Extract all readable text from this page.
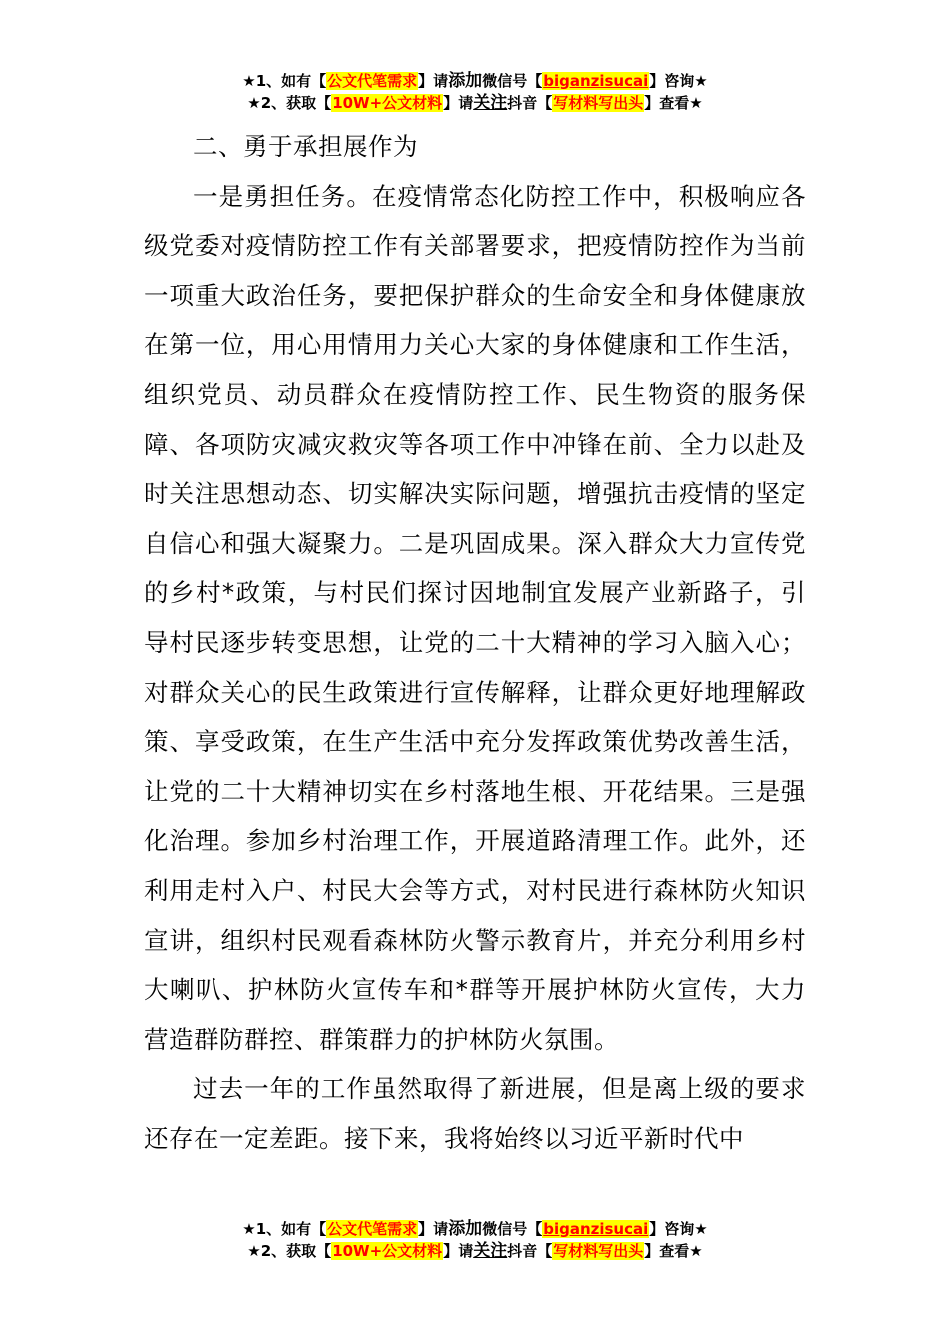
★1、如有【公文代笔需求】请添加微信号【biganzisucai】咨询★
★2、获取【10W+公文材料】请关注抖音【写材料写出头】查看★

二、勇于承担展作为

一是勇担任务。在疫情常态化防控工作中，积极响应各级党委对疫情防控工作有关部署要求，把疫情防控作为当前一项重大政治任务，要把保护群众的生命安全和身体健康放在第一位，用心用情用力关心大家的身体健康和工作生活，组织党员、动员群众在疫情防控工作、民生物资的服务保障、各项防灾减灾救灾等各项工作中冲锋在前、全力以赴及时关注思想动态、切实解决实际问题，增强抗击疫情的坚定自信心和强大凝聚力。二是巩固成果。深入群众大力宣传党的乡村*政策，与村民们探讨因地制宜发展产业新路子，引导村民逐步转变思想，让党的二十大精神的学习入脑入心；对群众关心的民生政策进行宣传解释，让群众更好地理解政策、享受政策，在生产生活中充分发挥政策优势改善生活，让党的二十大精神切实在乡村落地生根、开花结果。三是强化治理。参加乡村治理工作，开展道路清理工作。此外，还利用走村入户、村民大会等方式，对村民进行森林防火知识宣讲，组织村民观看森林防火警示教育片，并充分利用乡村大喇叭、护林防火宣传车和*群等开展护林防火宣传，大力营造群防群控、群策群力的护林防火氛围。

过去一年的工作虽然取得了新进展，但是离上级的要求还存在一定差距。接下来，我将始终以习近平新时代中

★1、如有【公文代笔需求】请添加微信号【biganzisucai】咨询★
★2、获取【10W+公文材料】请关注抖音【写材料写出头】查看★
